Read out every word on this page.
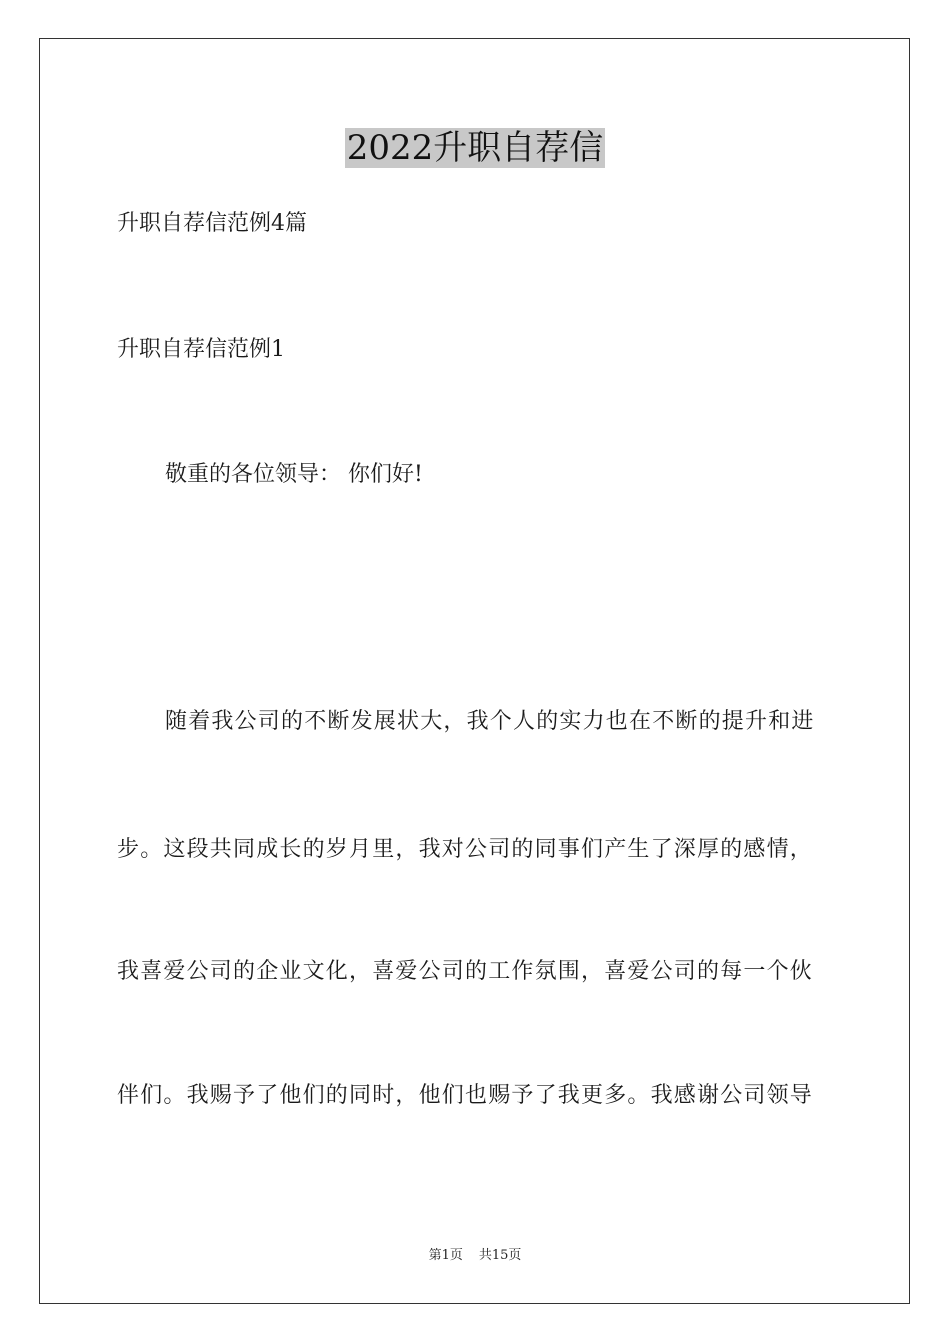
2022升职自荐信
升职自荐信范例4篇
升职自荐信范例1
敬重的各位领导： 你们好!
随着我公司的不断发展状大，我个人的实力也在不断的提升和进
步。这段共同成长的岁月里，我对公司的同事们产生了深厚的感情，
我喜爱公司的企业文化，喜爱公司的工作氛围，喜爱公司的每一个伙
伴们。我赐予了他们的同时，他们也赐予了我更多。我感谢公司领导
第1页 共15页
